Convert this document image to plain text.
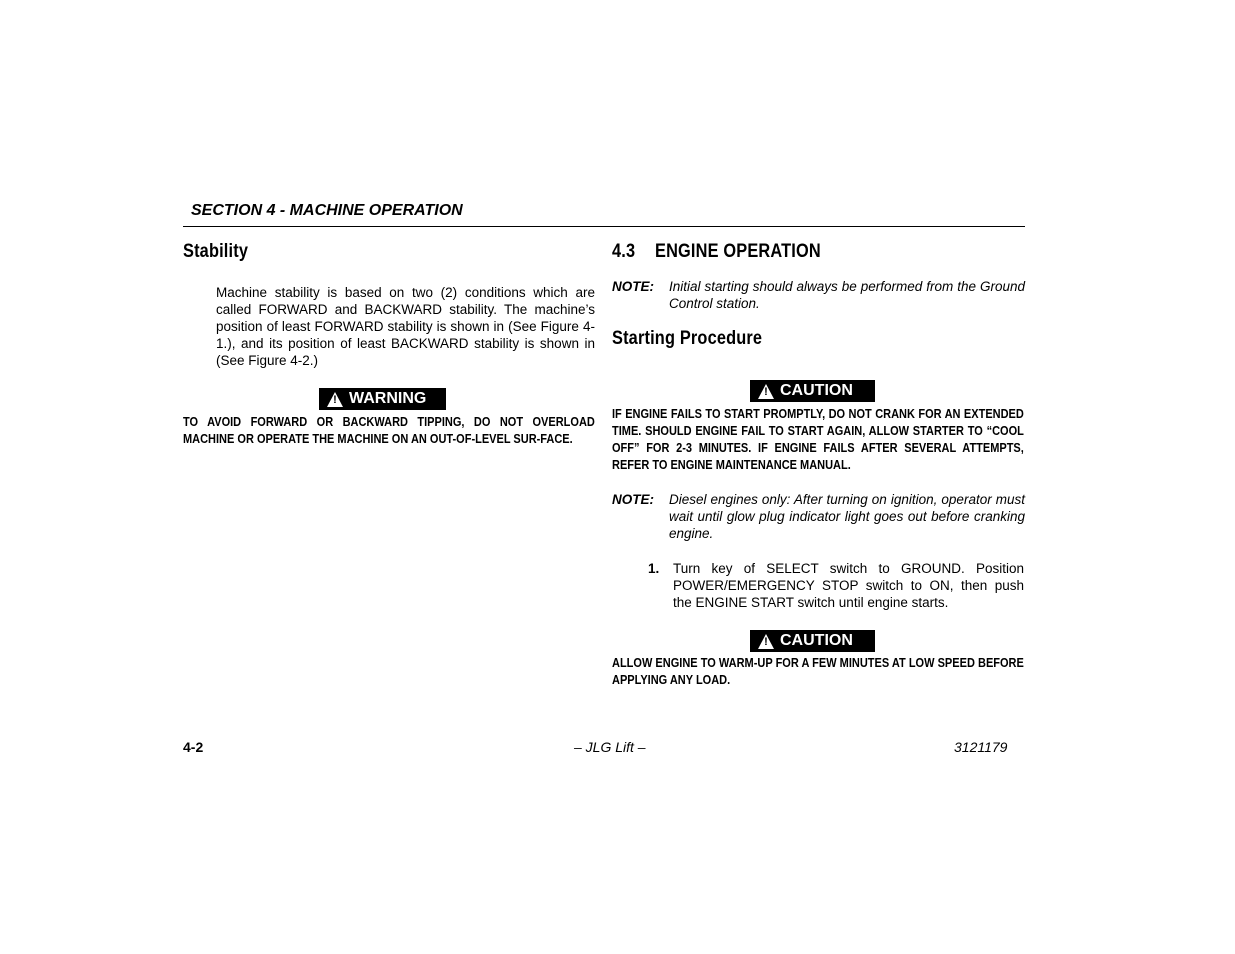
SECTION 4 - MACHINE OPERATION
Stability
Machine stability is based on two (2) conditions which are called FORWARD and BACKWARD stability. The machine’s position of least FORWARD stability is shown in (See Figure 4-1.), and its position of least BACKWARD stability is shown in (See Figure 4-2.)
! WARNING
TO AVOID FORWARD OR BACKWARD TIPPING, DO NOT OVERLOAD MACHINE OR OPERATE THE MACHINE ON AN OUT-OF-LEVEL SUR-FACE.
4.3 ENGINE OPERATION
NOTE:	Initial starting should always be performed from the Ground Control station.
Starting Procedure
! CAUTION
IF ENGINE FAILS TO START PROMPTLY, DO NOT CRANK FOR AN EXTENDED TIME. SHOULD ENGINE FAIL TO START AGAIN, ALLOW STARTER TO “COOL OFF” FOR 2-3 MINUTES. IF ENGINE FAILS AFTER SEVERAL ATTEMPTS, REFER TO ENGINE MAINTENANCE MANUAL.
NOTE:	Diesel engines only: After turning on ignition, operator must wait until glow plug indicator light goes out before cranking engine.
1.	Turn key of SELECT switch to GROUND. Position POWER/EMERGENCY STOP switch to ON, then push the ENGINE START switch until engine starts.
! CAUTION
ALLOW ENGINE TO WARM-UP FOR A FEW MINUTES AT LOW SPEED BEFORE APPLYING ANY LOAD.
4-2	– JLG Lift –	3121179
